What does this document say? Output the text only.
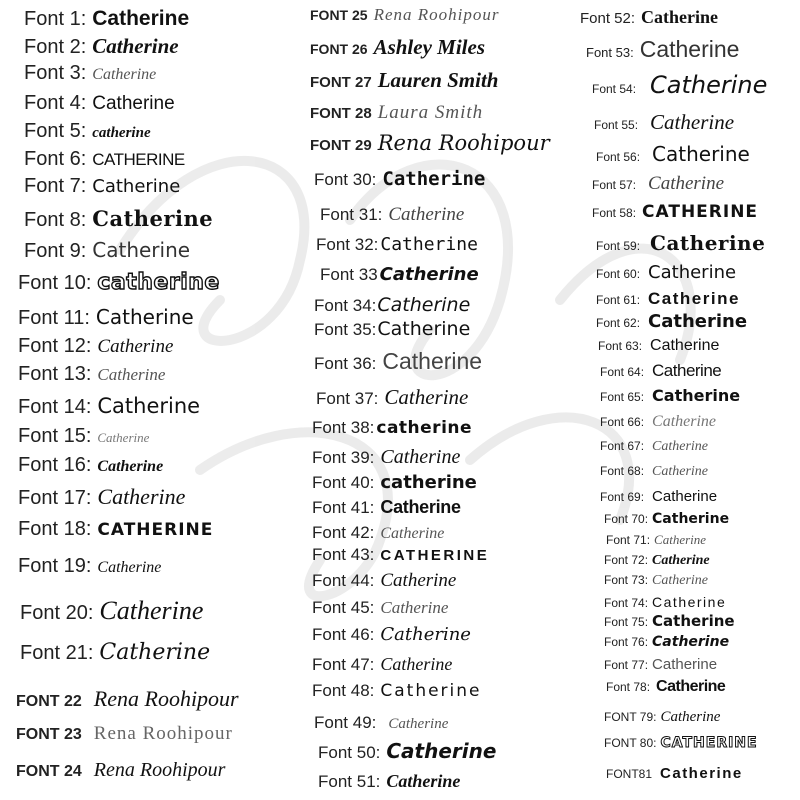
Font 1: Catherine
Font 2: Catherine
Font 3: Catherine
Font 4: Catherine
Font 5: catherine
Font 6: CATHERINE
Font 7: Catherine
Font 8: Catherine
Font 9: Catherine
Font 10: catherine
Font 11: Catherine
Font 12: Catherine
Font 13: Catherine
Font 14: Catherine
Font 15: Catherine
Font 16: Catherine
Font 17: Catherine
Font 18: CATHERINE
Font 19: Catherine
Font 20: Catherine
Font 21: Catherine
FONT 22 Rena Roohipour
FONT 23 Rena Roohipour
FONT 24 Rena Roohipour
FONT 25 Rena Roohipour
FONT 26 Ashley Miles
FONT 27 Lauren Smith
FONT 28 Laura Smith
FONT 29 Rena Roohipour
Font 30: Catherine
Font 31: Catherine
Font 32: Catherine
Font 33 Catherine
Font 34: Catherine
Font 35: Catherine
Font 36: Catherine
Font 37: Catherine
Font 38: catherine
Font 39: Catherine
Font 40: catherine
Font 41: Catherine
Font 42: Catherine
Font 43: CATHERINE
Font 44: Catherine
Font 45: Catherine
Font 46: Catherine
Font 47: Catherine
Font 48: Catherine
Font 49: Catherine
Font 50: Catherine
Font 51: Catherine
Font 52: Catherine
Font 53: Catherine
Font 54: Catherine
Font 55: Catherine
Font 56: Catherine
Font 57: Catherine
Font 58: CATHERINE
Font 59: Catherine
Font 60: Catherine
Font 61: Catherine
Font 62: Catherine
Font 63: Catherine
Font 64: Catherine
Font 65: Catherine
Font 66: Catherine
Font 67: Catherine
Font 68: Catherine
Font 69: Catherine
Font 70: Catherine
Font 71: Catherine
Font 72: Catherine
Font 73: Catherine
Font 74: Catherine
Font 75: Catherine
Font 76: Catherine
Font 77: Catherine
Font 78: Catherine
FONT 79: Catherine
FONT 80: CATHERINE
FONT81 Catherine
